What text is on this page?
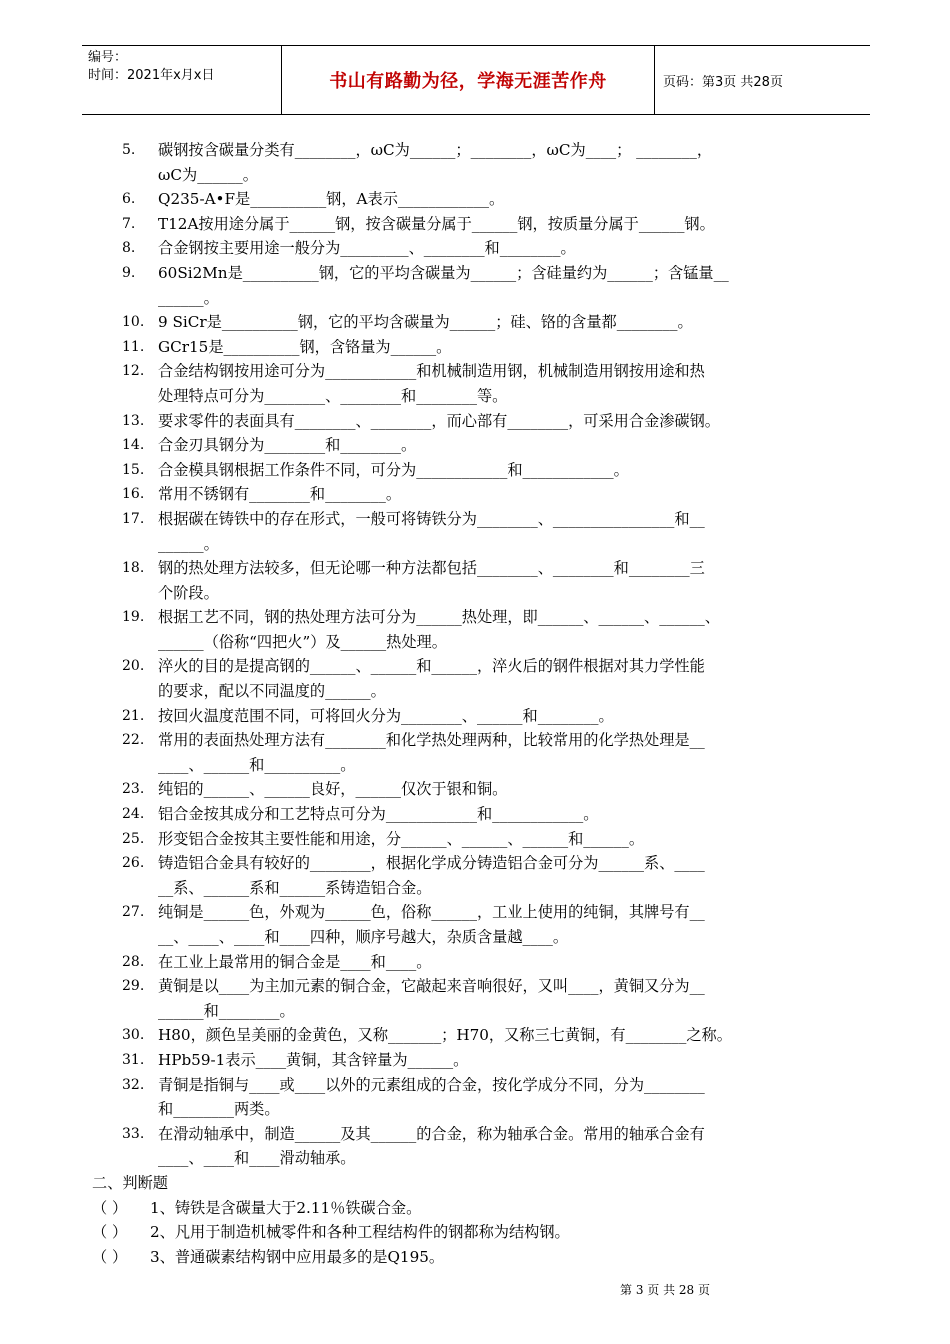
编号：
时间：2021年x月x日	书山有路勤为径，学海无涯苦作舟	页码：第3页 共28页
5.	碳钢按含碳量分类有________，ωC为______；________，ωC为____； ________，
ωC为______。
6.	Q235-A•F是__________钢，A表示____________。
7.	T12A按用途分属于______钢，按含碳量分属于______钢，按质量分属于______钢。
8.	合金钢按主要用途一般分为_________、________和________。
9.	60Si2Mn是__________钢，它的平均含碳量为______；含硅量约为______；含锰量__
______。
10. 9 SiCr是__________钢，它的平均含碳量为______；硅、铬的含量都________。
11. GCr15是__________钢，含铬量为______。
12. 合金结构钢按用途可分为____________和机械制造用钢，机械制造用钢按用途和热
处理特点可分为________、________和________等。
13. 要求零件的表面具有________、________，而心部有________，可采用合金渗碳钢。
14. 合金刃具钢分为________和________。
15. 合金模具钢根据工作条件不同，可分为____________和____________。
16. 常用不锈钢有________和________。
17. 根据碳在铸铁中的存在形式，一般可将铸铁分为________、________________和__
______。
18. 钢的热处理方法较多，但无论哪一种方法都包括________、________和________三
个阶段。
19. 根据工艺不同，钢的热处理方法可分为______热处理，即______、______、______、
______（俗称“四把火”）及______热处理。
20. 淬火的目的是提高钢的______、______和______，淬火后的钢件根据对其力学性能
的要求，配以不同温度的______。
21. 按回火温度范围不同，可将回火分为________、______和________。
22. 常用的表面热处理方法有________和化学热处理两种，比较常用的化学热处理是__
____、______和__________。
23. 纯铝的______、______良好，______仅次于银和铜。
24. 铝合金按其成分和工艺特点可分为____________和____________。
25. 形变铝合金按其主要性能和用途，分______、______、______和______。
26. 铸造铝合金具有较好的________，根据化学成分铸造铝合金可分为______系、____
__系、______系和______系铸造铝合金。
27. 纯铜是______色，外观为______色，俗称______，工业上使用的纯铜，其牌号有__
__、____、____和____四种，顺序号越大，杂质含量越____。
28. 在工业上最常用的铜合金是____和____。
29. 黄铜是以____为主加元素的铜合金，它敲起来音响很好，又叫____，黄铜又分为__
______和________。
30. H80，颜色呈美丽的金黄色，又称_______；H70，又称三七黄铜，有________之称。
31. HPb59-1表示____黄铜，其含锌量为______。
32. 青铜是指铜与____或____以外的元素组成的合金，按化学成分不同，分为________
和________两类。
33. 在滑动轴承中，制造______及其______的合金，称为轴承合金。常用的轴承合金有
____、____和____滑动轴承。
二、判断题
（ ） 1、铸铁是含碳量大于2.11％铁碳合金。
（ ） 2、凡用于制造机械零件和各种工程结构件的钢都称为结构钢。
（ ） 3、普通碳素结构钢中应用最多的是Q195。
第 3 页 共 28 页
